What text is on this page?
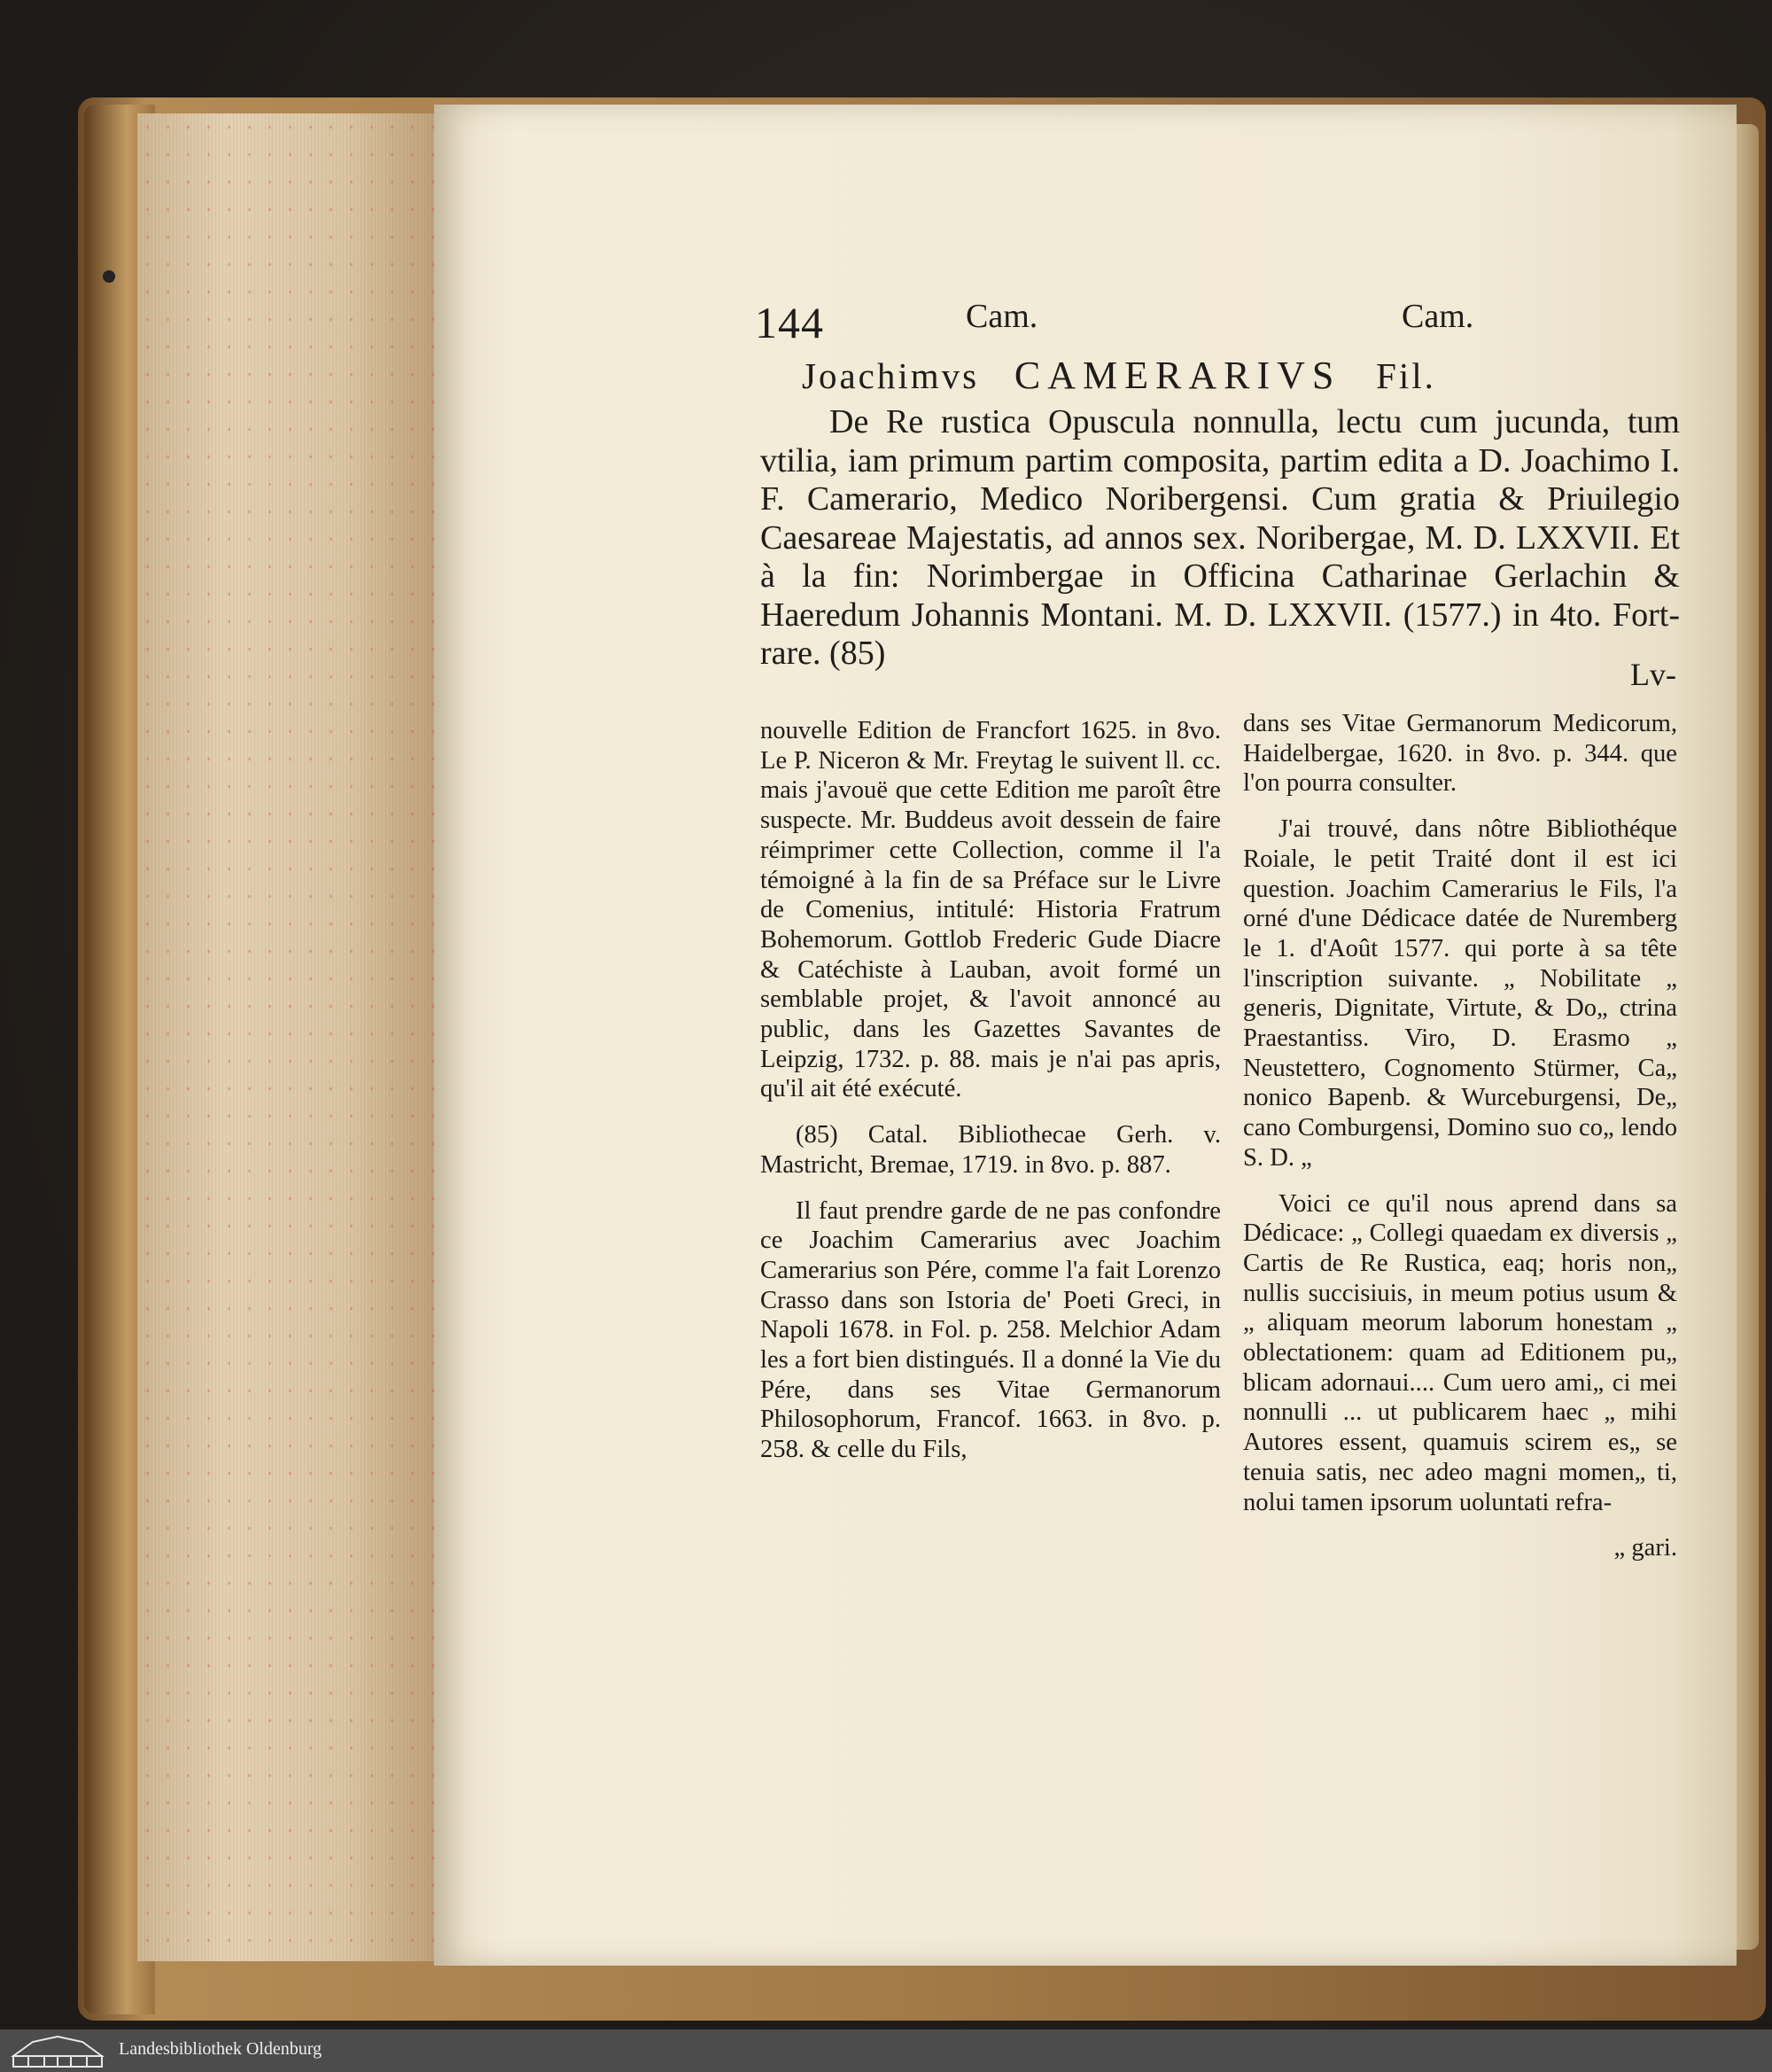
144	Cam.	Cam.
Joachimvs CAMERARIVS Fil.
De Re rustica Opuscula nonnulla, lectu cum jucunda, tum vtilia, iam primum partim composita, partim edita a D. Joachimo I. F. Camerario, Medico Noribergensi. Cum gratia & Priuilegio Caesareae Majestatis, ad annos sex. Noribergae, M. D. LXXVII. Et à la fin: Norimbergae in Officina Catharinae Gerlachin & Haeredum Johannis Montani. M. D. LXXVII. (1577.) in 4to. Fort-rare. (85)
Lv-

nouvelle Edition de Francfort 1625. in 8vo. Le P. Niceron & Mr. Freytag le suivent ll. cc. mais j'avouë que cette Edition me paroît être suspecte. Mr. Buddeus avoit dessein de faire réimprimer cette Collection, comme il l'a témoigné à la fin de sa Préface sur le Livre de Comenius, intitulé: Historia Fratrum Bohemorum. Gottlob Frederic Gude Diacre & Catéchiste à Lauban, avoit formé un semblable projet, & l'avoit annoncé au public, dans les Gazettes Savantes de Leipzig, 1732. p. 88. mais je n'ai pas apris, qu'il ait été exécuté.

(85) Catal. Bibliothecae Gerh. v. Mastricht, Bremae, 1719. in 8vo. p. 887.

Il faut prendre garde de ne pas confondre ce Joachim Camerarius avec Joachim Camerarius son Pére, comme l'a fait Lorenzo Crasso dans son Istoria de' Poeti Greci, in Napoli 1678. in Fol. p. 258. Melchior Adam les a fort bien distingués. Il a donné la Vie du Pére, dans ses Vitae Germanorum Philosophorum, Francof. 1663. in 8vo. p. 258. & celle du Fils,

dans ses Vitae Germanorum Medicorum, Haidelbergae, 1620. in 8vo. p. 344. que l'on pourra consulter.

J'ai trouvé, dans nôtre Bibliothéque Roiale, le petit Traité dont il est ici question. Joachim Camerarius le Fils, l'a orné d'une Dédicace datée de Nuremberg le 1. d'Août 1577. qui porte à sa tête l'inscription suivante. „ Nobilitate „ generis, Dignitate, Virtute, & Do„ ctrina Praestantiss. Viro, D. Erasmo „ Neustettero, Cognomento Stürmer, Ca„ nonico Bapenb. & Wurceburgensi, De„ cano Comburgensi, Domino suo co„ lendo S. D. „

Voici ce qu'il nous aprend dans sa Dédicace: „ Collegi quaedam ex diversis „ Cartis de Re Rustica, eaq; horis non„ nullis succisiuis, in meum potius usum & „ aliquam meorum laborum honestam „ oblectationem: quam ad Editionem pu„ blicam adornaui.... Cum uero ami„ ci mei nonnulli ... ut publicarem haec „ mihi Autores essent, quamuis scirem es„ se tenuia satis, nec adeo magni momen„ ti, nolui tamen ipsorum uoluntati refra-

„ gari.
Landesbibliothek Oldenburg
